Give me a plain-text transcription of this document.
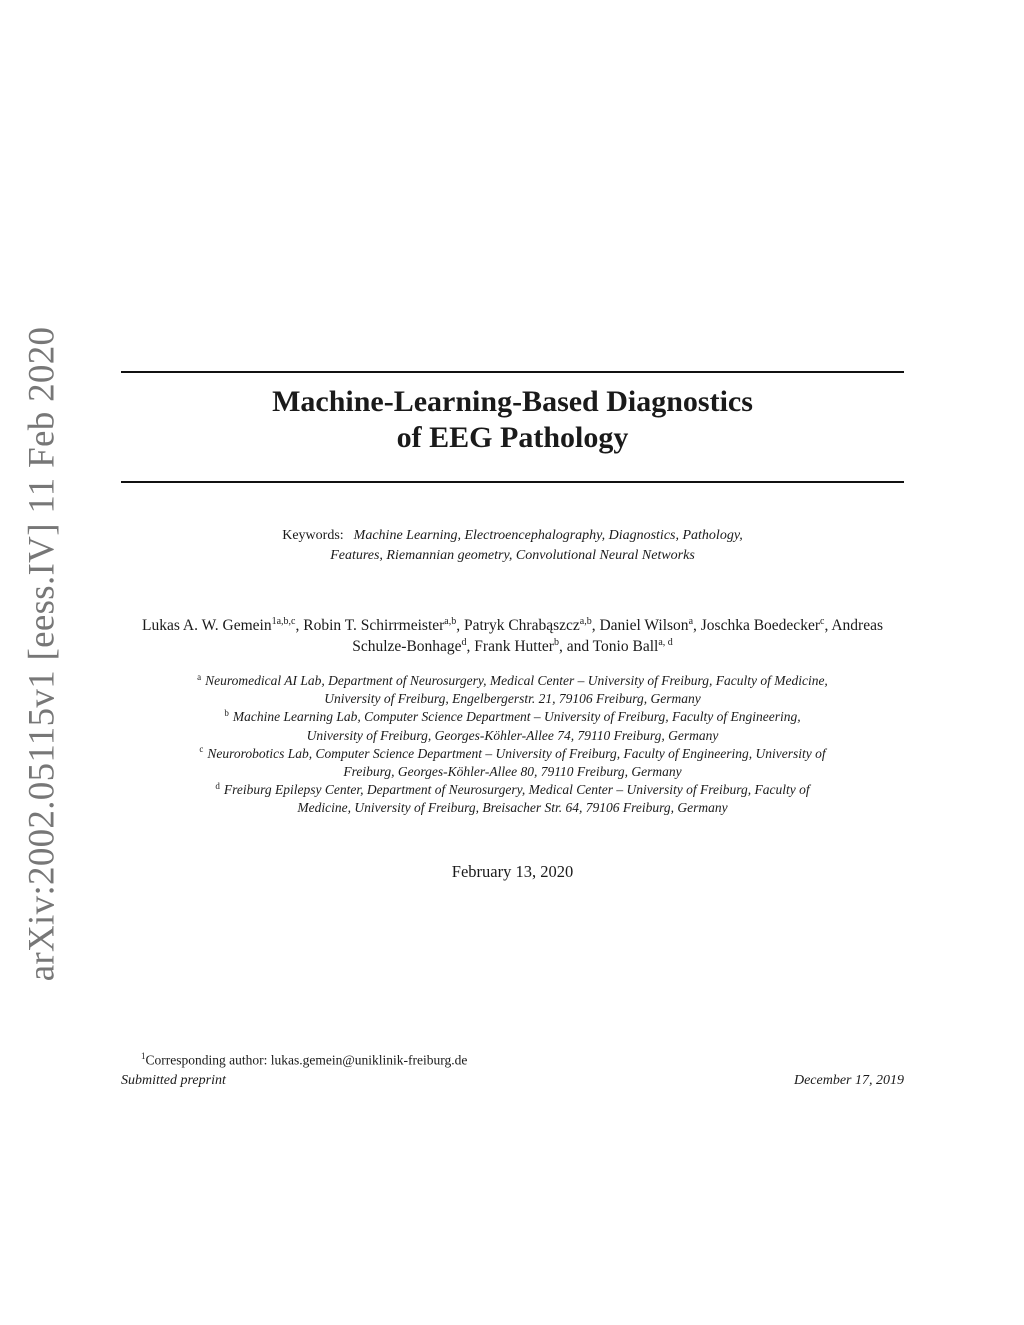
arXiv:2002.05115v1 [eess.IV] 11 Feb 2020	Machine-Learning-Based Diagnostics
of EEG Pathology
Keywords: Machine Learning, Electroencephalography, Diagnostics, Pathology,
Features, Riemannian geometry, Convolutional Neural Networks
Lukas A. W. Gemein$^{1a,b,c}$, Robin T. Schirrmeister$^{a,b}$, Patryk Chrabąszcz$^{a,b}$, Daniel Wilson$^a$, Joschka Boedecker$^c$, Andreas Schulze-Bonhage$^d$, Frank Hutter$^b$, and Tonio Ball$^{a, d}$
$^a$ Neuromedical AI Lab, Department of Neurosurgery, Medical Center – University of Freiburg, Faculty of Medicine,
University of Freiburg, Engelbergerstr. 21, 79106 Freiburg, Germany
$^b$ Machine Learning Lab, Computer Science Department – University of Freiburg, Faculty of Engineering,
University of Freiburg, Georges-Köhler-Allee 74, 79110 Freiburg, Germany
$^c$ Neurorobotics Lab, Computer Science Department – University of Freiburg, Faculty of Engineering, University of
Freiburg, Georges-Köhler-Allee 80, 79110 Freiburg, Germany
$^d$ Freiburg Epilepsy Center, Department of Neurosurgery, Medical Center – University of Freiburg, Faculty of
Medicine, University of Freiburg, Breisacher Str. 64, 79106 Freiburg, Germany
February 13, 2020
$^1$Corresponding author: lukas.gemein@uniklinik-freiburg.de
Submitted preprint	December 17, 2019
